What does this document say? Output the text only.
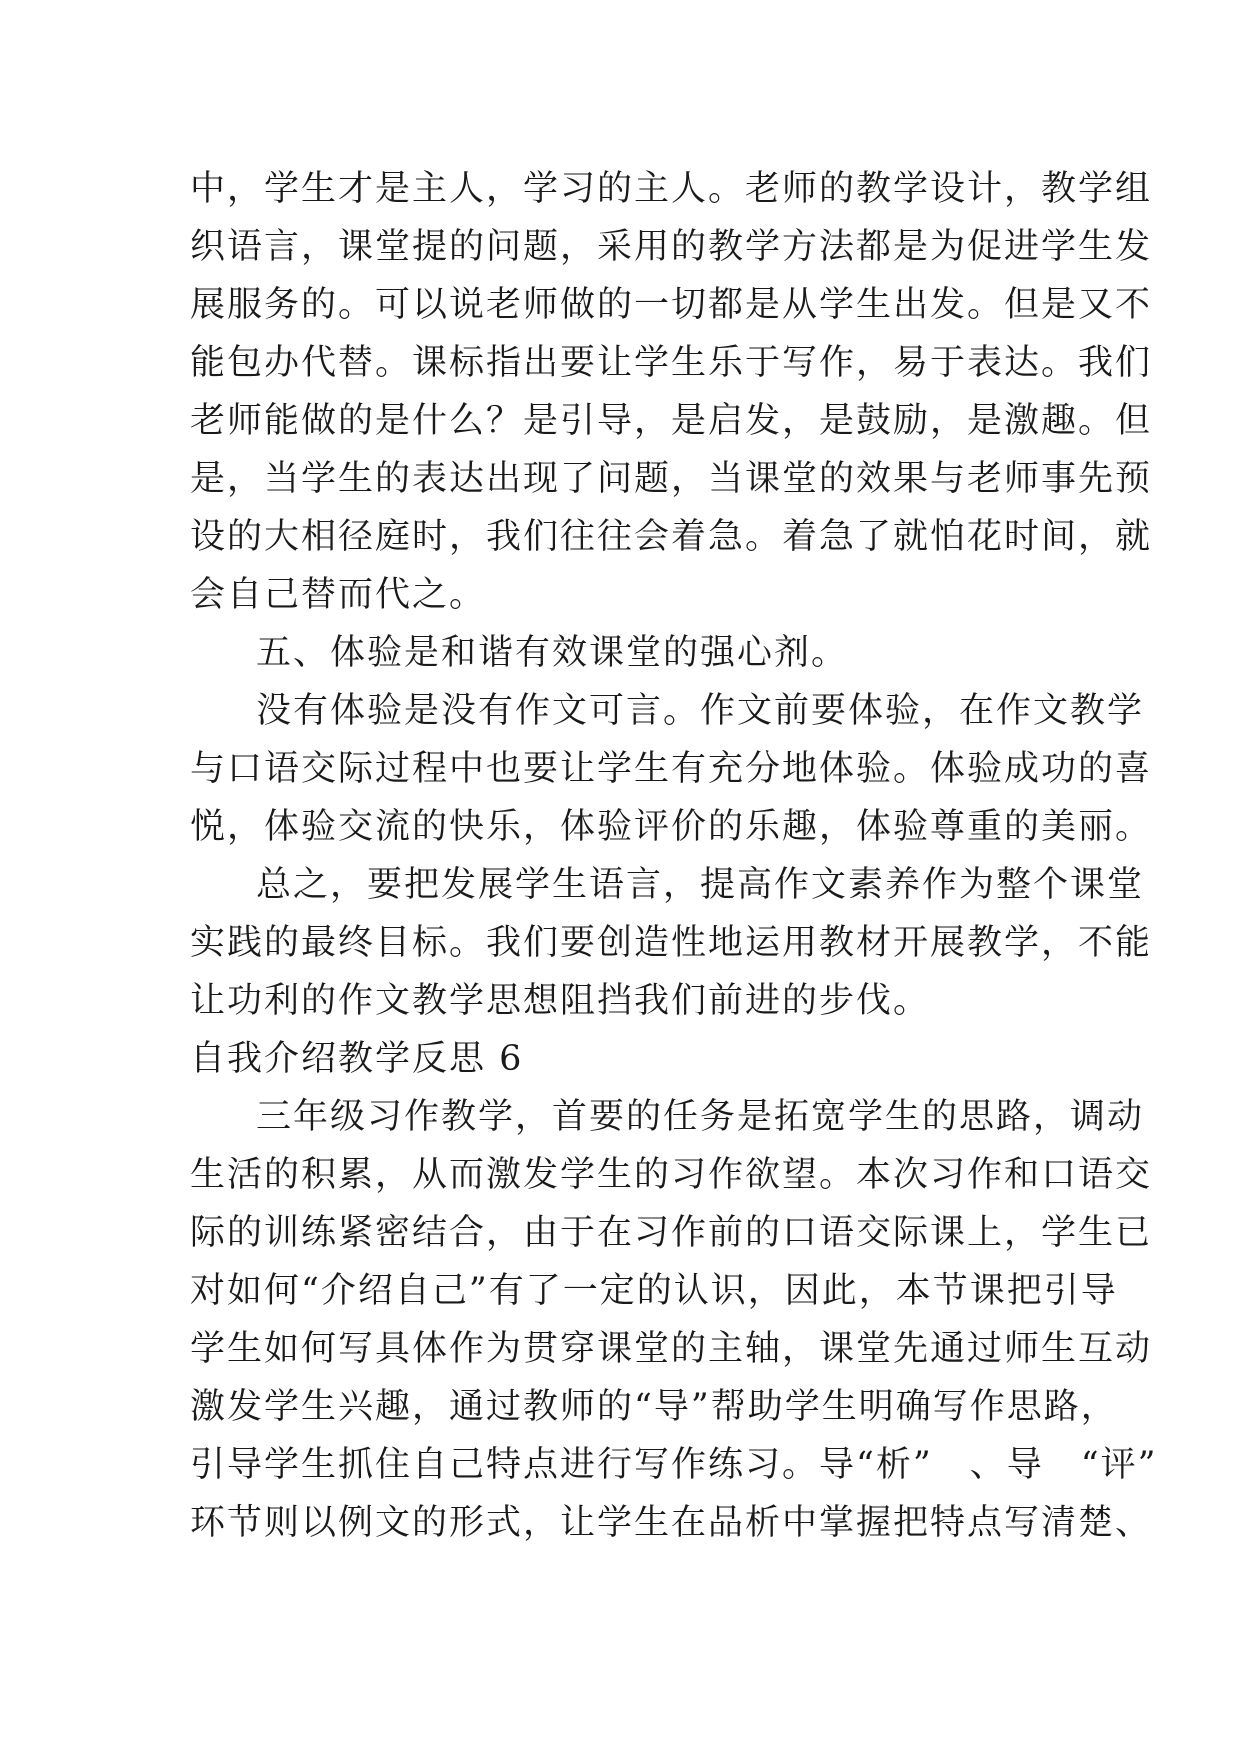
中，学生才是主人，学习的主人。老师的教学设计，教学组
织语言，课堂提的问题，采用的教学方法都是为促进学生发
展服务的。可以说老师做的一切都是从学生出发。但是又不
能包办代替。课标指出要让学生乐于写作，易于表达。我们
老师能做的是什么？是引导，是启发，是鼓励，是激趣。但
是，当学生的表达出现了问题，当课堂的效果与老师事先预
设的大相径庭时，我们往往会着急。着急了就怕花时间，就
会自己替而代之。
五、体验是和谐有效课堂的强心剂。
没有体验是没有作文可言。作文前要体验，在作文教学
与口语交际过程中也要让学生有充分地体验。体验成功的喜
悦，体验交流的快乐，体验评价的乐趣，体验尊重的美丽。
总之，要把发展学生语言，提高作文素养作为整个课堂
实践的最终目标。我们要创造性地运用教材开展教学，不能
让功利的作文教学思想阻挡我们前进的步伐。
自我介绍教学反思 6
三年级习作教学，首要的任务是拓宽学生的思路，调动
生活的积累，从而激发学生的习作欲望。本次习作和口语交
际的训练紧密结合，由于在习作前的口语交际课上，学生已
对如何“介绍自己”有了一定的认识，因此，本节课把引导
学生如何写具体作为贯穿课堂的主轴，课堂先通过师生互动
激发学生兴趣，通过教师的“导”帮助学生明确写作思路，
引导学生抓住自己特点进行写作练习。导“析”　、导　“评”
环节则以例文的形式，让学生在品析中掌握把特点写清楚、
